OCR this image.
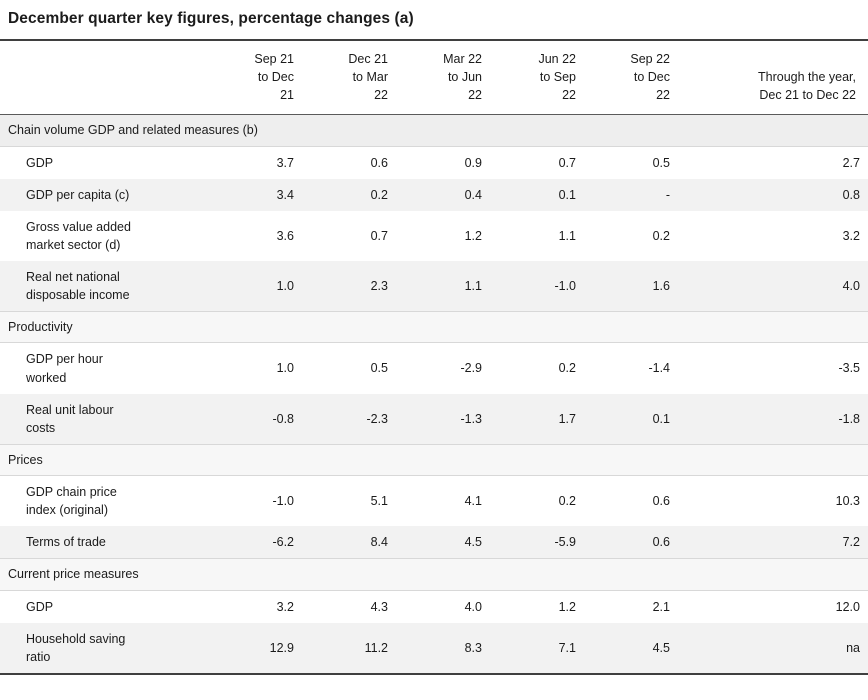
December quarter key figures, percentage changes (a)

	Sep 21
to Dec
21	Dec 21
to Mar
22	Mar 22
to Jun
22	Jun 22
to Sep
22	Sep 22
to Dec
22	Through the year,
Dec 21 to Dec 22

Chain volume GDP and related measures (b)						
GDP	3.7	0.6	0.9	0.7	0.5	2.7
GDP per capita (c)	3.4	0.2	0.4	0.1	-	0.8

Gross value added
market sector (d)	3.6	0.7	1.2	1.1	0.2	3.2

Real net national
disposable income	1.0	2.3	1.1	-1.0	1.6	4.0
Productivity						

GDP per hour
worked	1.0	0.5	-2.9	0.2	-1.4	-3.5

Real unit labour
costs	-0.8	-2.3	-1.3	1.7	0.1	-1.8
Prices						

GDP chain price
index (original)	-1.0	5.1	4.1	0.2	0.6	10.3
Terms of trade	-6.2	8.4	4.5	-5.9	0.6	7.2
Current price measures						
GDP	3.2	4.3	4.0	1.2	2.1	12.0

Household saving
ratio	12.9	11.2	8.3	7.1	4.5	na
